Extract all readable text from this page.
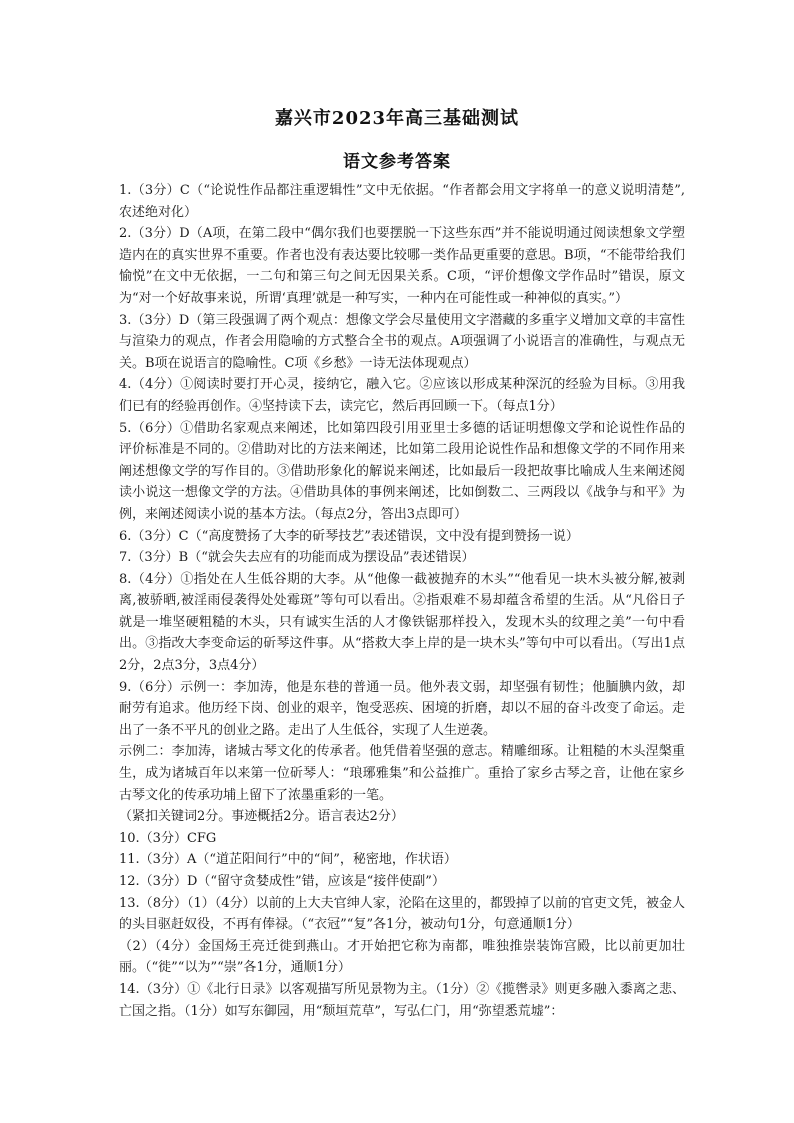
嘉兴市2023年高三基础测试
语文参考答案

1.（3分）C（“论说性作品都注重逻辑性”文中无依据。“作者都会用文字将单一的意义说明清楚”,农述绝对化）

2.（3分）D（A项，在第二段中“偶尔我们也要摆脱一下这些东西”并不能说明通过阅读想象文学塑造内在的真实世界不重要。作者也没有表达要比较哪一类作品更重要的意思。B项，“不能带给我们愉悦”在文中无依据，一二句和第三句之间无因果关系。C项，“评价想像文学作品时”错误，原文为“对一个好故事来说，所谓‘真理’就是一种写实，一种内在可能性或一种神似的真实。”）

3.（3分）D（第三段强调了两个观点：想像文学会尽量使用文字潜藏的多重字义增加文章的丰富性与渲染力的观点，作者会用隐喻的方式整合全书的观点。A项强调了小说语言的准确性，与观点无关。B项在说语言的隐喻性。C项《乡愁》一诗无法体现观点）

4.（4分）①阅读时要打开心灵，接纳它，融入它。②应该以形成某种深沉的经验为目标。③用我们已有的经验再创作。④坚持读下去，读完它，然后再回顾一下。（每点1分）

5.（6分）①借助名家观点来阐述，比如第四段引用亚里士多德的话证明想像文学和论说性作品的评价标准是不同的。②借助对比的方法来阐述，比如第二段用论说性作品和想像文学的不同作用来阐述想像文学的写作目的。③借助形象化的解说来阐述，比如最后一段把故事比喻成人生来阐述阅读小说这一想像文学的方法。④借助具体的事例来阐述，比如倒数二、三两段以《战争与和平》为例，来阐述阅读小说的基本方法。（每点2分，答出3点即可）

6.（3分）C（“高度赞扬了大李的斫琴技艺”表述错误，文中没有提到赞扬一说）

7.（3分）B（“就会失去应有的功能而成为摆设品”表述错误）

8.（4分）①指处在人生低谷期的大李。从“他像一截被抛弃的木头”“他看见一块木头被分解,被剥离,被骄晒,被淫雨侵袭得处处霉斑”等句可以看出。②指艰难不易却蕴含希望的生活。从“凡俗日子就是一堆坚硬粗糙的木头，只有诚实生活的人才像铁锯那样投入，发现木头的纹理之美”一句中看出。③指改大李变命运的斫琴这件事。从“搭救大李上岸的是一块木头”等句中可以看出。（写出1点2分，2点3分，3点4分）

9.（6分）示例一：李加涛，他是东巷的普通一员。他外表文弱，却坚强有韧性；他腼腆内敛，却耐劳有追求。他历经下岗、创业的艰辛，饱受恶疾、困境的折磨，却以不屈的奋斗改变了命运。走出了一条不平凡的创业之路。走出了人生低谷，实现了人生逆袭。

示例二：李加涛，诸城古琴文化的传承者。他凭借着坚强的意志。精雕细琢。让粗糙的木头涅槃重生，成为诸城百年以来第一位斫琴人：“琅琊雅集”和公益推广。重拾了家乡古琴之音，让他在家乡古琴文化的传承功埔上留下了浓墨重彩的一笔。

（紧扣关键词2分。事迹概括2分。语言表达2分）

10.（3分）CFG

11.（3分）A（“道芷阳间行”中的“间”，秘密地，作状语）

12.（3分）D（“留守贪婪成性”错，应该是“接伴使副”）

13.（8分）（1）（4分）以前的上大夫官绅人家，沦陷在这里的，都毁掉了以前的官吏文凭，被金人的头目驱赶奴役，不再有俸禄。（“衣冠”“复”各1分，被动句1分，句意通顺1分）

（2）（4分）金国炀王亮迁徙到燕山。才开始把它称为南都，唯独推崇装饰宫殿，比以前更加壮丽。（“徙”“以为”“崇”各1分，通顺1分）

14.（3分）①《北行日录》以客观描写所见景物为主。（1分）②《揽辔录》则更多融入黍离之悲、亡国之指。（1分）如写东御园，用“颓垣荒草”，写弘仁门，用“弥望悉荒墟”：
